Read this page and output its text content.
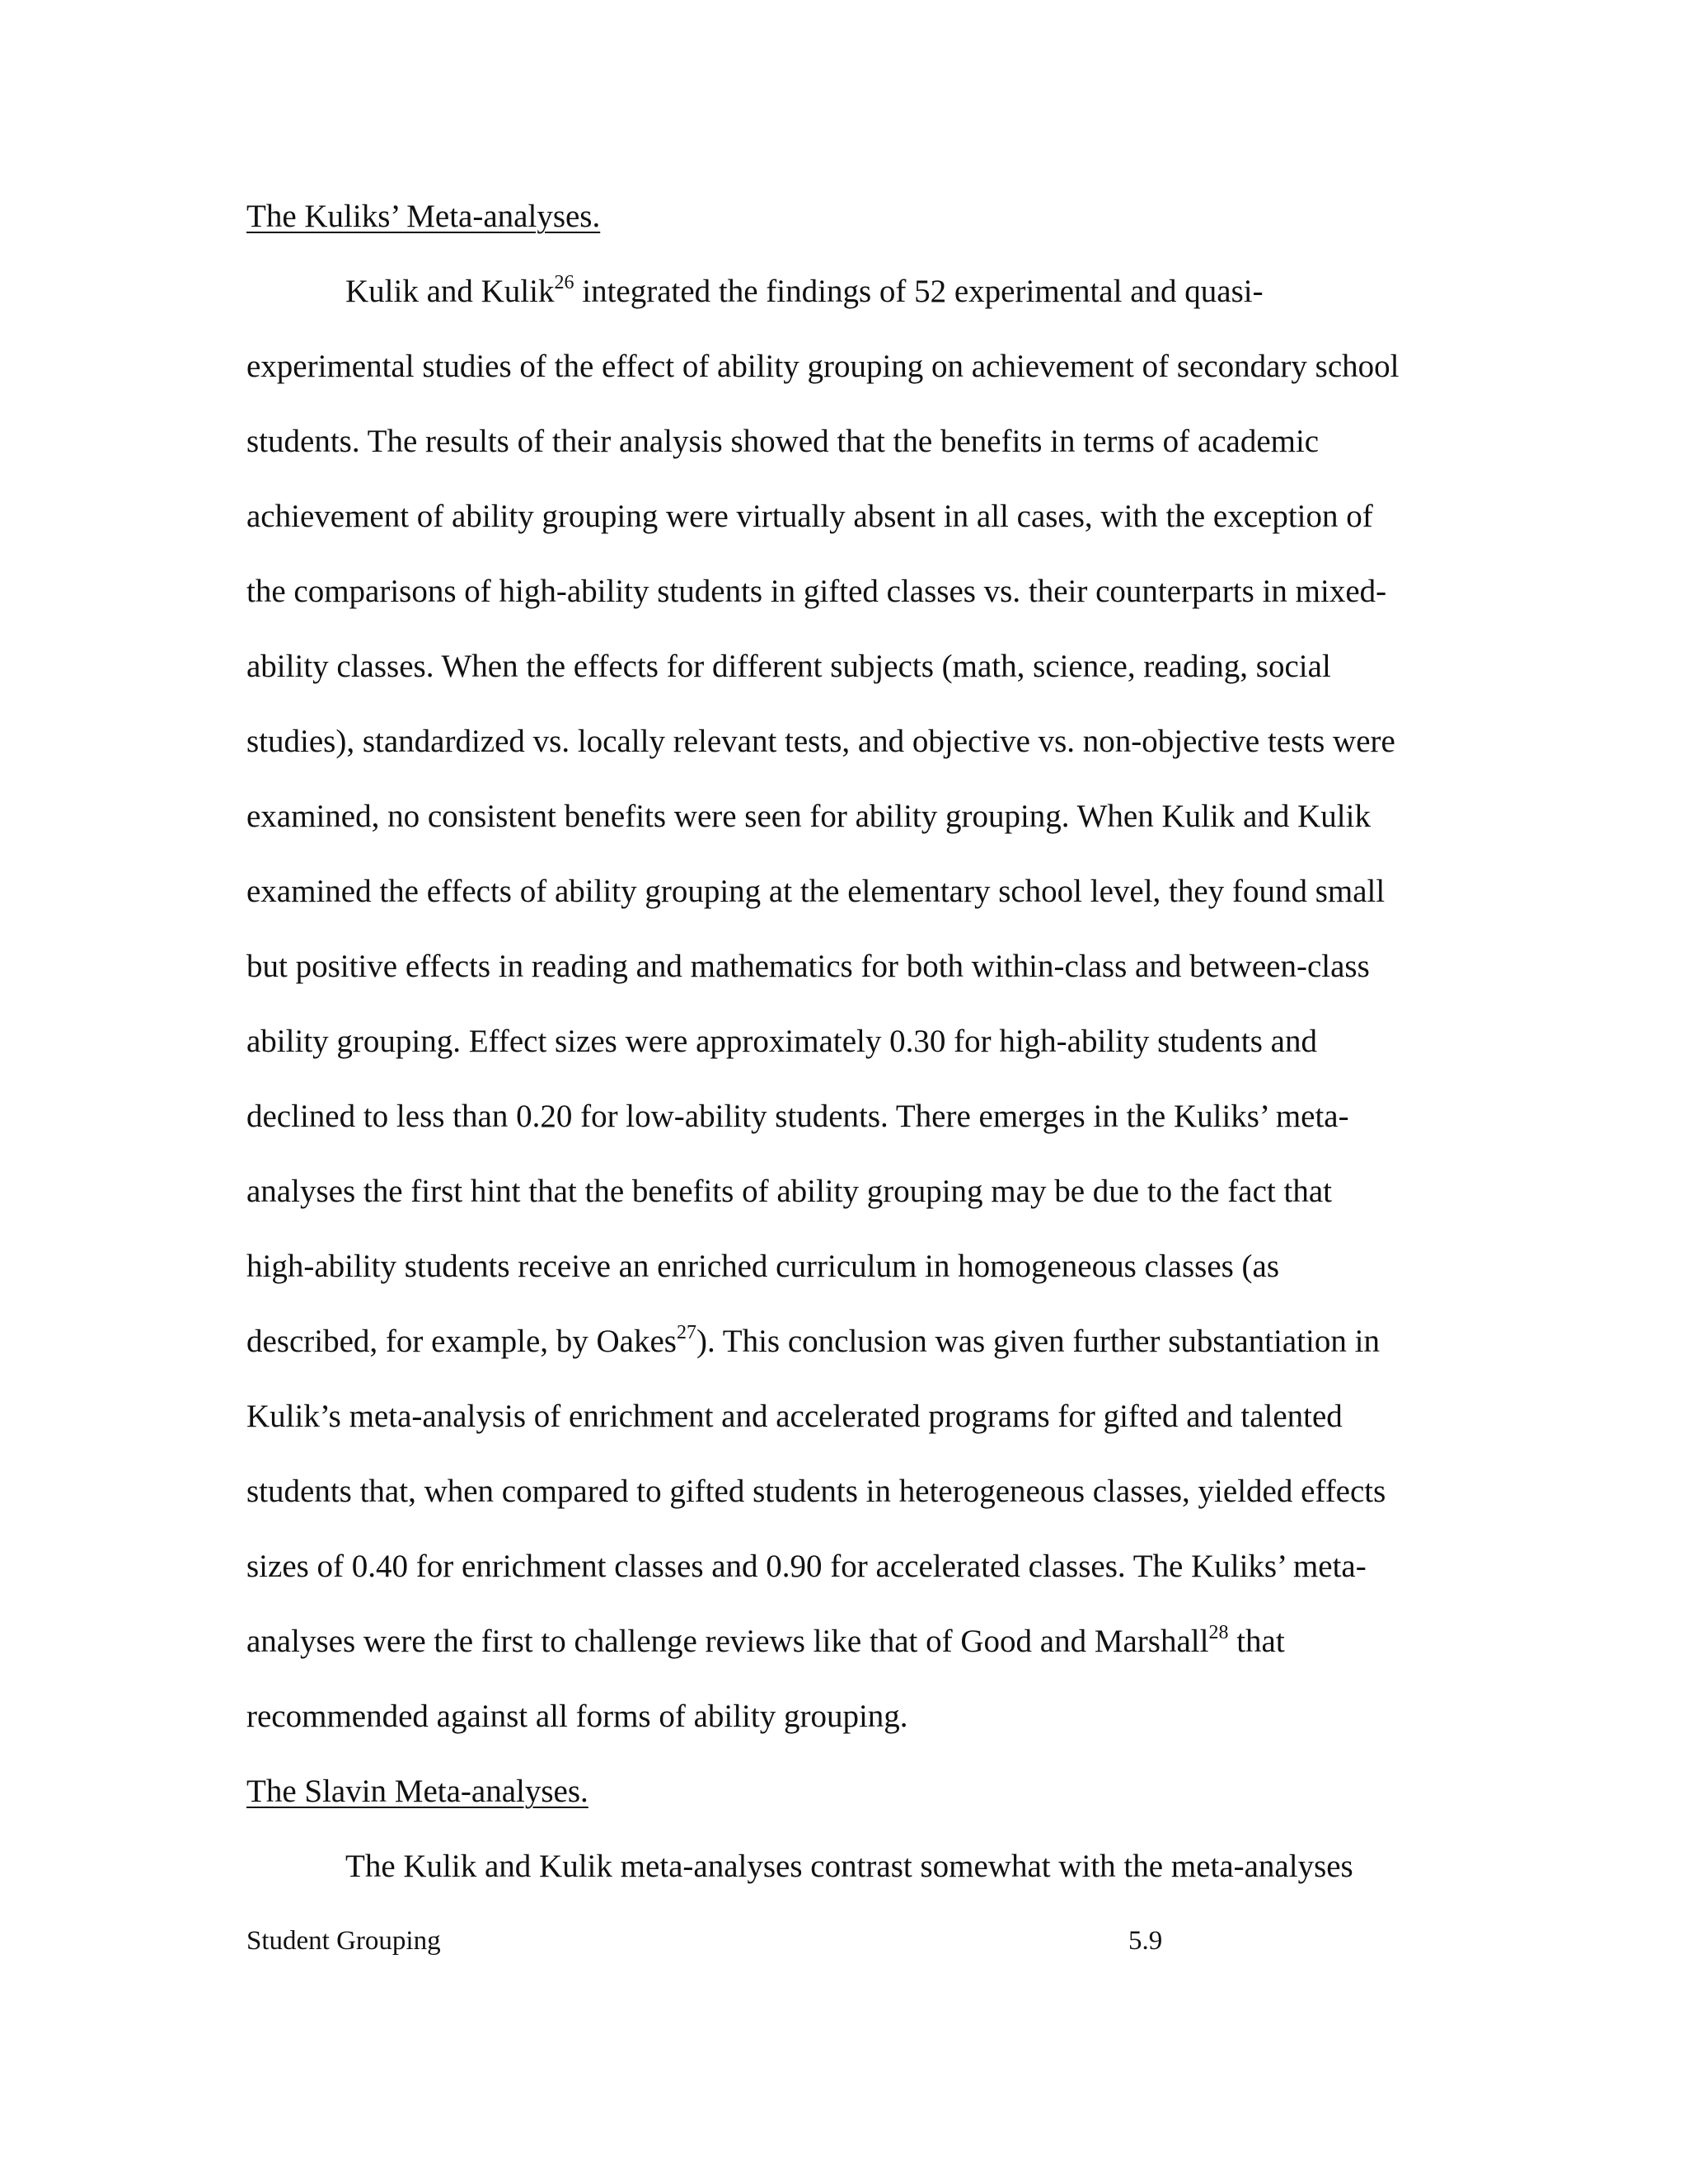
The Kuliks’ Meta-analyses.
Kulik and Kulik$^{26}$ integrated the findings of 52 experimental and quasi-
experimental studies of the effect of ability grouping on achievement of secondary school
students. The results of their analysis showed that the benefits in terms of academic
achievement of ability grouping were virtually absent in all cases, with the exception of
the comparisons of high-ability students in gifted classes vs. their counterparts in mixed-
ability classes. When the effects for different subjects (math, science, reading, social
studies), standardized vs. locally relevant tests, and objective vs. non-objective tests were
examined, no consistent benefits were seen for ability grouping. When Kulik and Kulik
examined the effects of ability grouping at the elementary school level, they found small
but positive effects in reading and mathematics for both within-class and between-class
ability grouping. Effect sizes were approximately 0.30 for high-ability students and
declined to less than 0.20 for low-ability students. There emerges in the Kuliks’ meta-
analyses the first hint that the benefits of ability grouping may be due to the fact that
high-ability students receive an enriched curriculum in homogeneous classes (as
described, for example, by Oakes$^{27}$). This conclusion was given further substantiation in
Kulik’s meta-analysis of enrichment and accelerated programs for gifted and talented
students that, when compared to gifted students in heterogeneous classes, yielded effects
sizes of 0.40 for enrichment classes and 0.90 for accelerated classes. The Kuliks’ meta-
analyses were the first to challenge reviews like that of Good and Marshall$^{28}$ that
recommended against all forms of ability grouping.
The Slavin Meta-analyses.
The Kulik and Kulik meta-analyses contrast somewhat with the meta-analyses
Student Grouping	5.9
